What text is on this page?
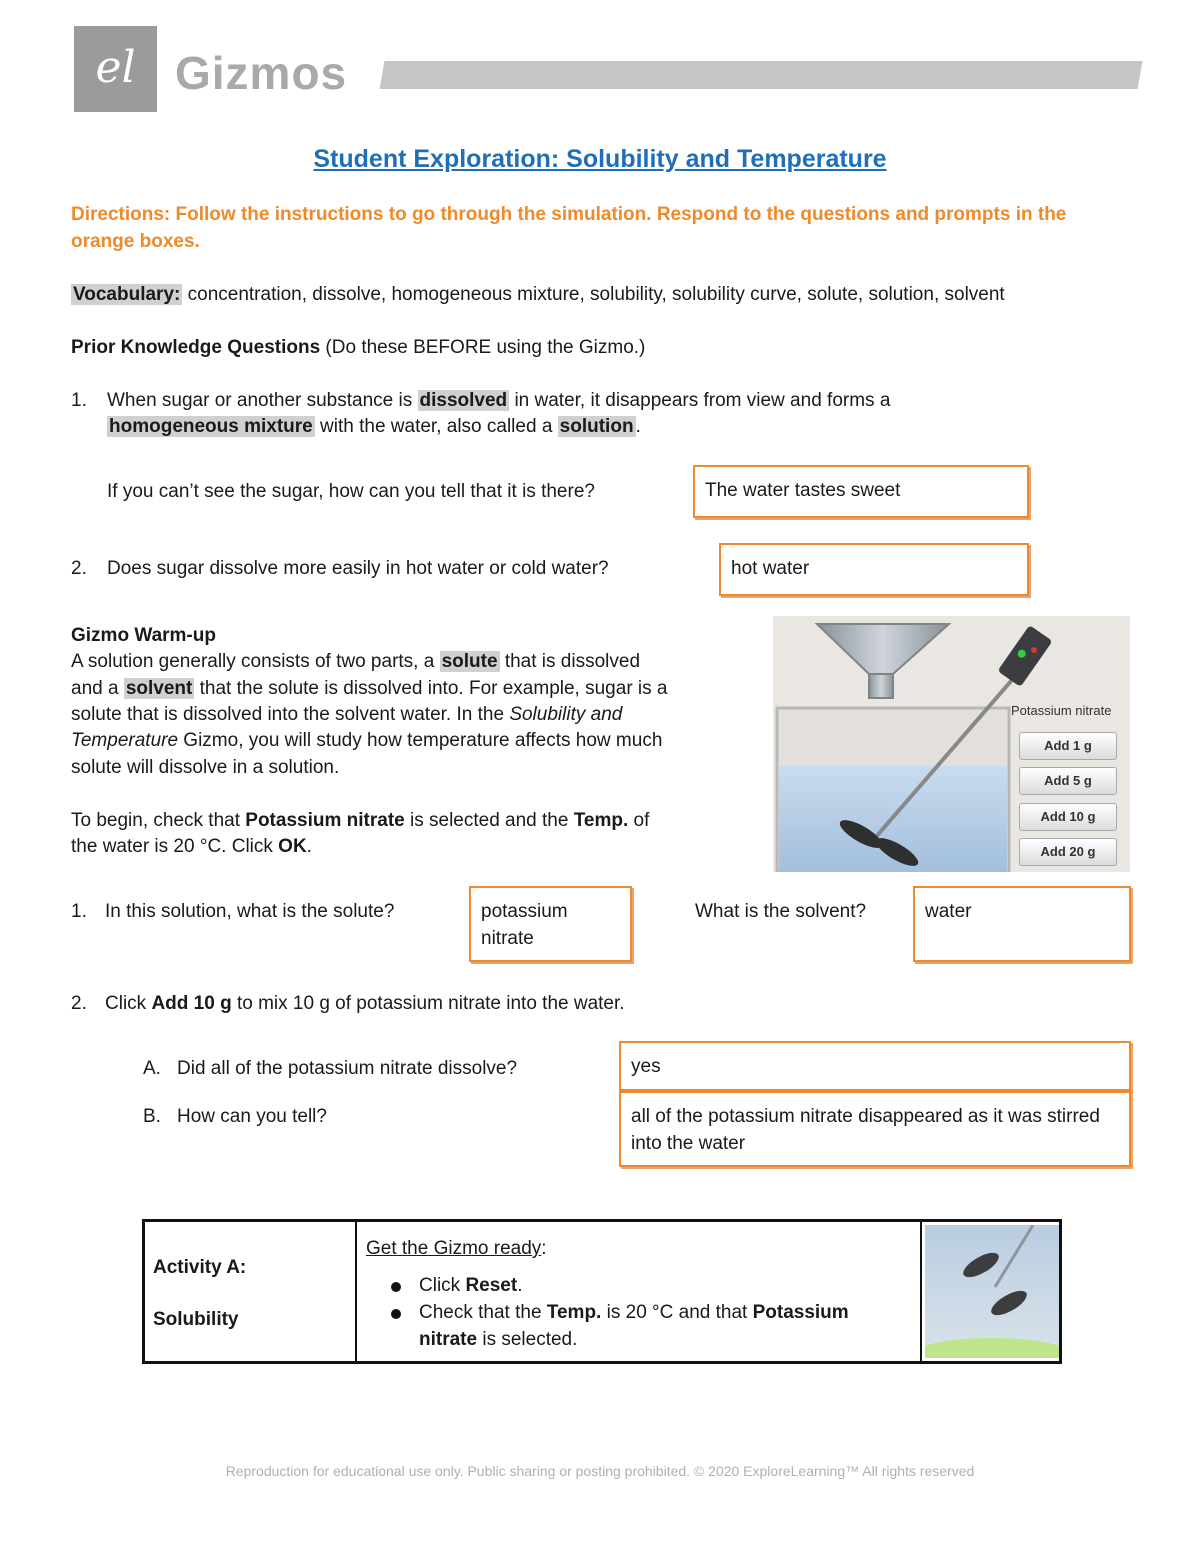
el Gizmos
Student Exploration: Solubility and Temperature
Directions: Follow the instructions to go through the simulation. Respond to the questions and prompts in the orange boxes.
Vocabulary: concentration, dissolve, homogeneous mixture, solubility, solubility curve, solute, solution, solvent
Prior Knowledge Questions (Do these BEFORE using the Gizmo.)
1. When sugar or another substance is dissolved in water, it disappears from view and forms a
homogeneous mixture with the water, also called a solution .
If you can’t see the sugar, how can you tell that it is there?	The water tastes sweet
2. Does sugar dissolve more easily in hot water or cold water?	hot water
Gizmo Warm-up
A solution generally consists of two parts, a solute that is dissolved
and a solvent that the solute is dissolved into. For example, sugar is a
solute that is dissolved into the solvent water. In the Solubility and
Temperature Gizmo, you will study how temperature affects how much
solute will dissolve in a solution.
To begin, check that Potassium nitrate is selected and the Temp. of
the water is 20 °C. Click OK.
Potassium nitrate
Add 1 g
Add 5 g
Add 10 g
Add 20 g
1. In this solution, what is the solute?	potassium nitrate
What is the solvent?	water
2. Click Add 10 g to mix 10 g of potassium nitrate into the water.
A. Did all of the potassium nitrate dissolve?	yes
B. How can you tell?	all of the potassium nitrate disappeared as it was stirred into the water
Activity A:
Solubility
Get the Gizmo ready:
Click Reset.
Check that the Temp. is 20 °C and that Potassium
nitrate is selected.
Reproduction for educational use only. Public sharing or posting prohibited. © 2020 ExploreLearning™ All rights reserved
